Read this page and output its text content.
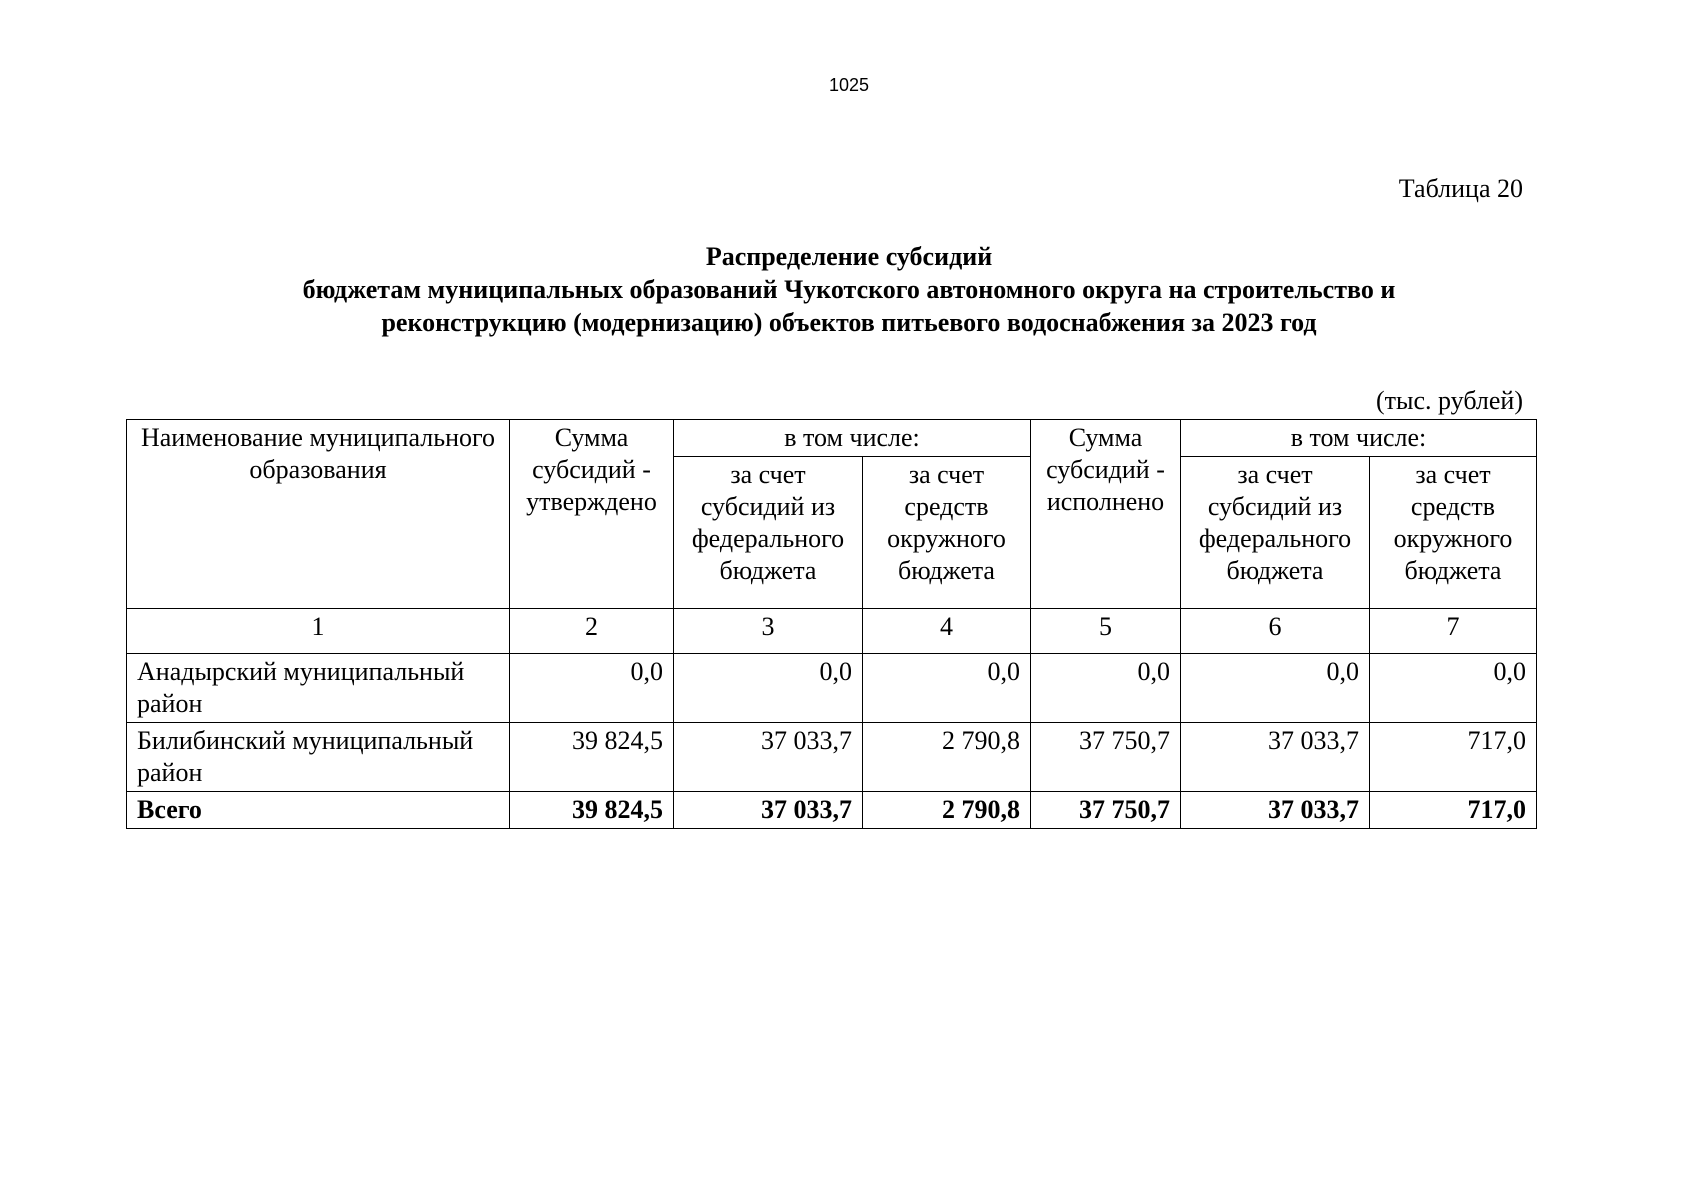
1025
Таблица 20
Распределение субсидий
бюджетам муниципальных образований Чукотского автономного округа на строительство и
реконструкцию (модернизацию) объектов питьевого водоснабжения за 2023 год
(тыс. рублей)
Наименование муниципального образования	Сумма субсидий - утверждено	в том числе:		Сумма субсидий - исполнено	в том числе:	
		за счет субсидий из федерального бюджета	за счет средств окружного бюджета		за счет субсидий из федерального бюджета	за счет средств окружного бюджета
1	2	3	4	5	6	7
Анадырский муниципальный район	0,0	0,0	0,0	0,0	0,0	0,0
Билибинский муниципальный район	39 824,5	37 033,7	2 790,8	37 750,7	37 033,7	717,0
Всего	39 824,5	37 033,7	2 790,8	37 750,7	37 033,7	717,0
